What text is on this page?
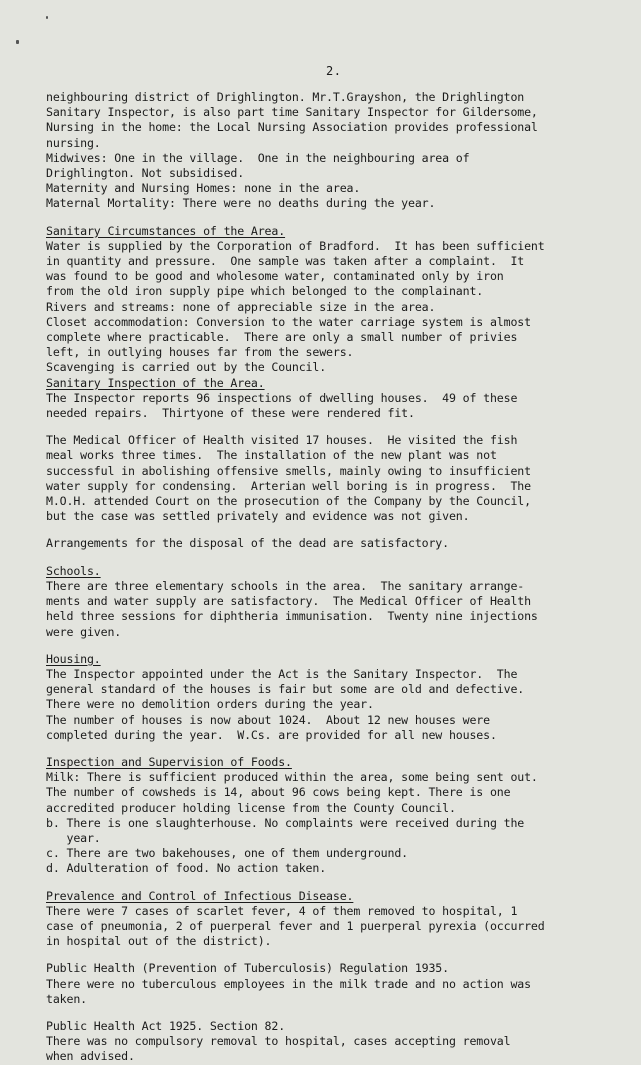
2.
neighbouring district of Drighlington. Mr.T.Grayshon, the Drighlington
Sanitary Inspector, is also part time Sanitary Inspector for Gildersome,
Nursing in the home: the Local Nursing Association provides professional
nursing.
Midwives: One in the village.  One in the neighbouring area of
Drighlington. Not subsidised.
Maternity and Nursing Homes: none in the area.
Maternal Mortality: There were no deaths during the year.
Sanitary Circumstances of the Area.
Water is supplied by the Corporation of Bradford.  It has been sufficient
in quantity and pressure.  One sample was taken after a complaint.  It
was found to be good and wholesome water, contaminated only by iron
from the old iron supply pipe which belonged to the complainant.
Rivers and streams: none of appreciable size in the area.
Closet accommodation: Conversion to the water carriage system is almost
complete where practicable.  There are only a small number of privies
left, in outlying houses far from the sewers.
Scavenging is carried out by the Council.
Sanitary Inspection of the Area.
The Inspector reports 96 inspections of dwelling houses.  49 of these
needed repairs.  Thirtyone of these were rendered fit.
The Medical Officer of Health visited 17 houses.  He visited the fish
meal works three times.  The installation of the new plant was not
successful in abolishing offensive smells, mainly owing to insufficient
water supply for condensing.  Arterian well boring is in progress.  The
M.O.H. attended Court on the prosecution of the Company by the Council,
but the case was settled privately and evidence was not given.
Arrangements for the disposal of the dead are satisfactory.
Schools.
There are three elementary schools in the area.  The sanitary arrange-
ments and water supply are satisfactory.  The Medical Officer of Health
held three sessions for diphtheria immunisation.  Twenty nine injections
were given.
Housing.
The Inspector appointed under the Act is the Sanitary Inspector.  The
general standard of the houses is fair but some are old and defective.
There were no demolition orders during the year.
The number of houses is now about 1024.  About 12 new houses were
completed during the year.  W.Cs. are provided for all new houses.
Inspection and Supervision of Foods.
Milk: There is sufficient produced within the area, some being sent out.
The number of cowsheds is 14, about 96 cows being kept. There is one
accredited producer holding license from the County Council.
b. There is one slaughterhouse. No complaints were received during the
year.
c. There are two bakehouses, one of them underground.
d. Adulteration of food. No action taken.
Prevalence and Control of Infectious Disease.
There were 7 cases of scarlet fever, 4 of them removed to hospital, 1
case of pneumonia, 2 of puerperal fever and 1 puerperal pyrexia (occurred
in hospital out of the district).
Public Health (Prevention of Tuberculosis) Regulation 1935.
There were no tuberculous employees in the milk trade and no action was
taken.
Public Health Act 1925. Section 82.
There was no compulsory removal to hospital, cases accepting removal
when advised.
